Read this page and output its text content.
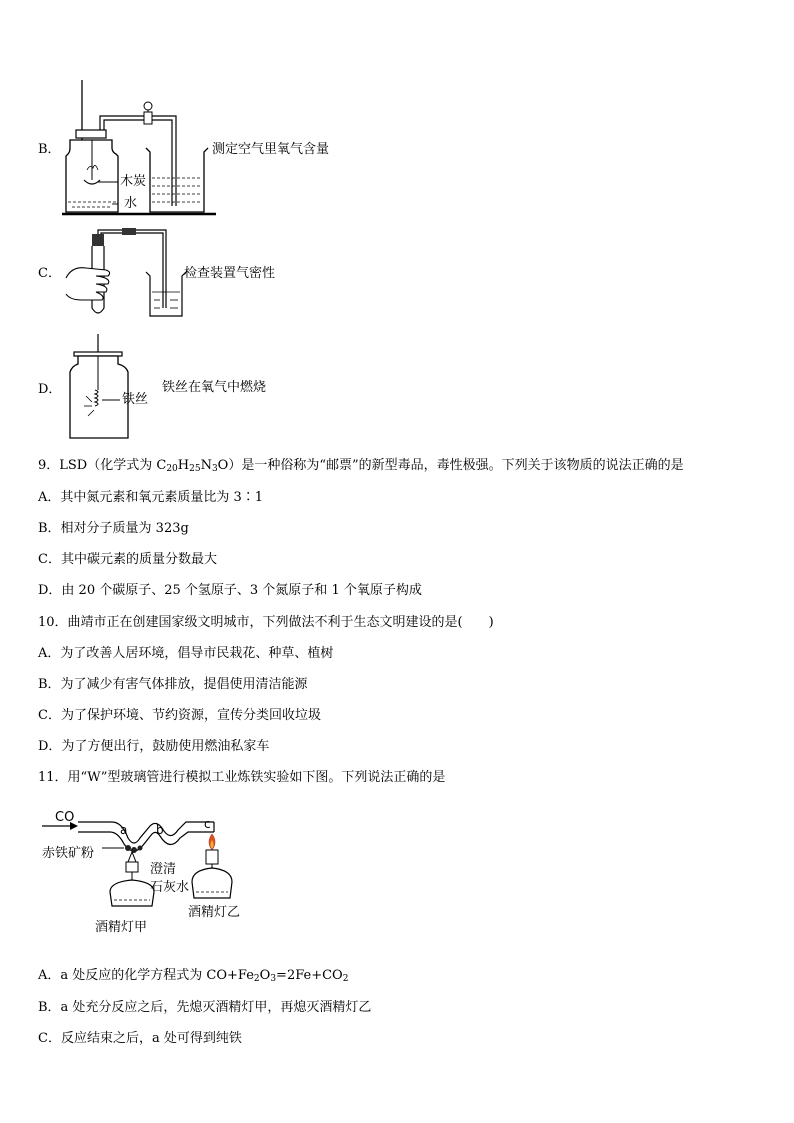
B．
木炭
水
测定空气里氧气含量
C．	检查装置气密性
D．
铁丝
铁丝在氧气中燃烧
9．LSD（化学式为 $C_{20}H_{25}N_3O$）是一种俗称为“邮票”的新型毒品，毒性极强。下列关于该物质的说法正确的是
A．其中氮元素和氧元素质量比为 3∶1
B．相对分子质量为 323g
C．其中碳元素的质量分数最大
D．由 20 个碳原子、25 个氢原子、3 个氮原子和 1 个氧原子构成
10．曲靖市正在创建国家级文明城市，下列做法不利于生态文明建设的是(　　)
A．为了改善人居环境，倡导市民栽花、种草、植树
B．为了减少有害气体排放，提倡使用清洁能源
C．为了保护环境、节约资源，宣传分类回收垃圾
D．为了方便出行，鼓励使用燃油私家车
11．用“W”型玻璃管进行模拟工业炼铁实验如下图。下列说法正确的是
CO
a b	c
赤铁矿粉
澄清
石灰水
酒精灯甲
酒精灯乙
A．a 处反应的化学方程式为 $CO+Fe_2O_3=2Fe+CO_2$
B．a 处充分反应之后，先熄灭酒精灯甲，再熄灭酒精灯乙
C．反应结束之后，a 处可得到纯铁
